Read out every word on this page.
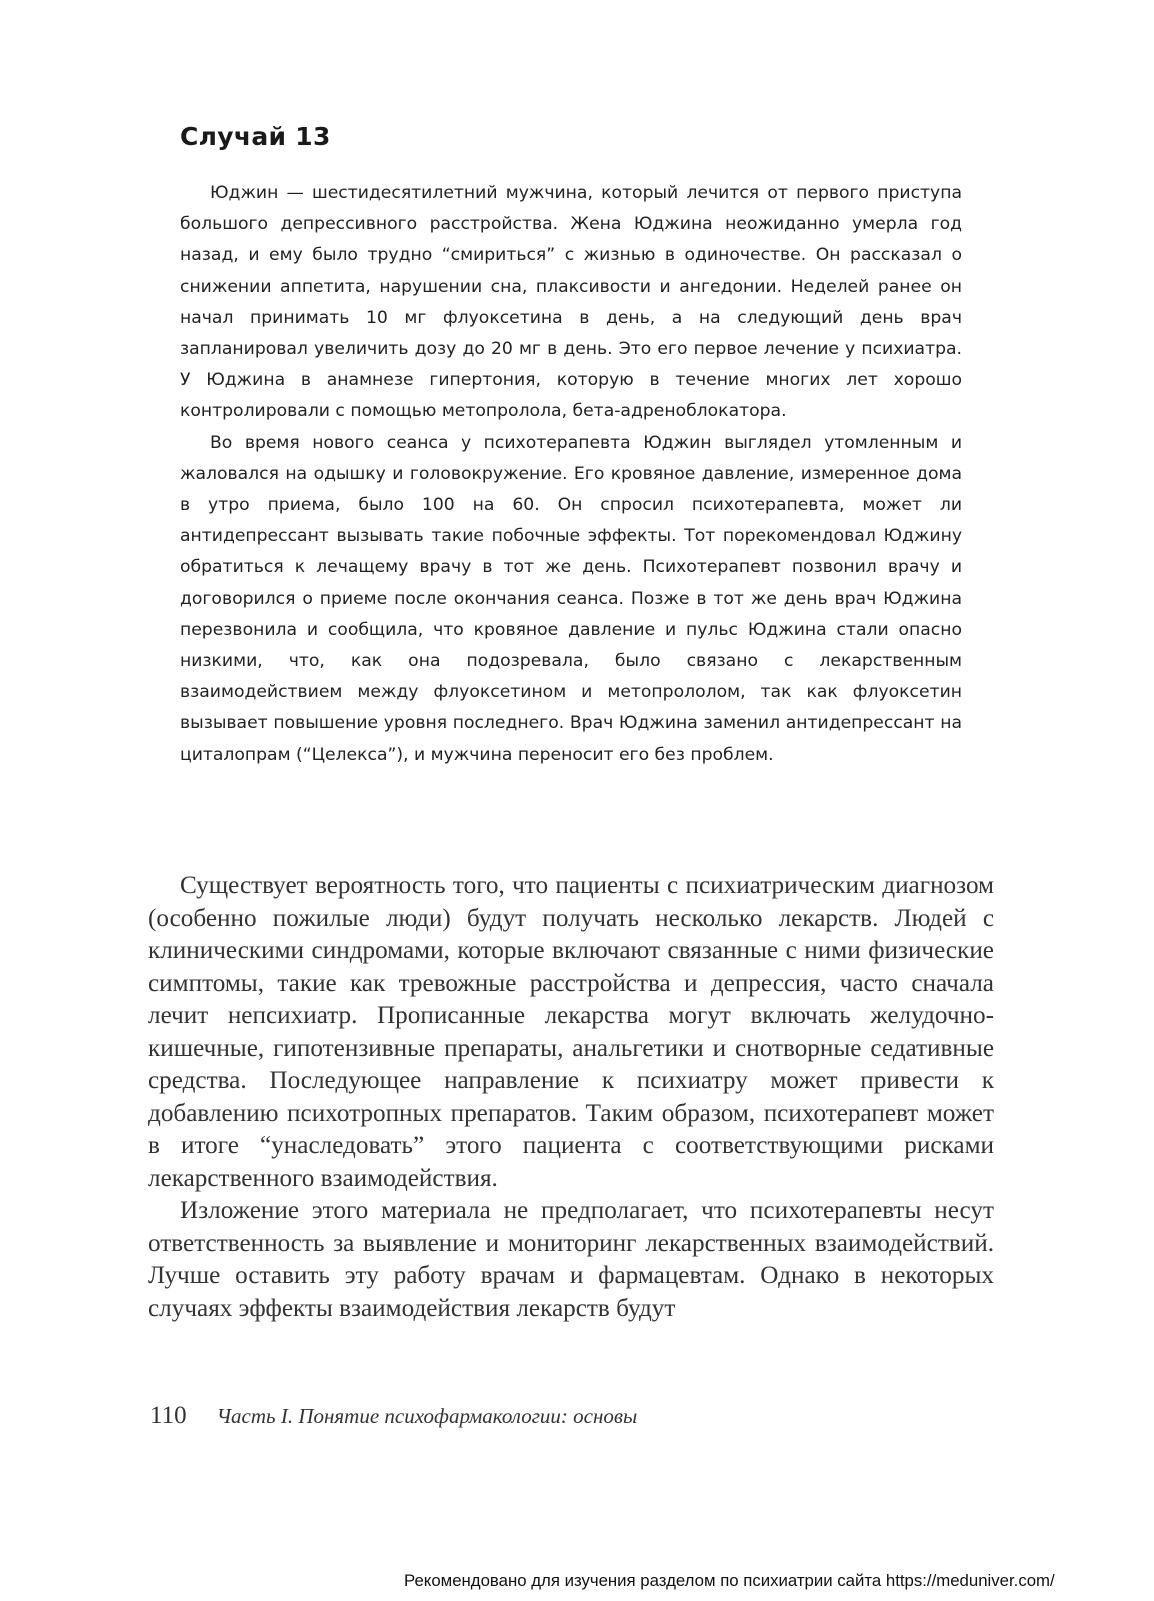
Случай 13

Юджин — шестидесятилетний мужчина, который лечится от первого приступа большого депрессивного расстройства. Жена Юджина неожиданно умерла год назад, и ему было трудно “смириться” с жизнью в одиночестве. Он рассказал о снижении аппетита, нарушении сна, плаксивости и ангедонии. Неделей ранее он начал принимать 10 мг флуоксетина в день, а на следующий день врач запланировал увеличить дозу до 20 мг в день. Это его первое лечение у психиатра. У Юджина в анамнезе гипертония, которую в течение многих лет хорошо контролировали с помощью метопролола, бета-адреноблокатора.

Во время нового сеанса у психотерапевта Юджин выглядел утомленным и жаловался на одышку и головокружение. Его кровяное давление, измеренное дома в утро приема, было 100 на 60. Он спросил психотерапевта, может ли антидепрессант вызывать такие побочные эффекты. Тот порекомендовал Юджину обратиться к лечащему врачу в тот же день. Психотерапевт позвонил врачу и договорился о приеме после окончания сеанса. Позже в тот же день врач Юджина перезвонила и сообщила, что кровяное давление и пульс Юджина стали опасно низкими, что, как она подозревала, было связано с лекарственным взаимодействием между флуоксетином и метопрололом, так как флуоксетин вызывает повышение уровня последнего. Врач Юджина заменил антидепрессант на циталопрам (“Целекса”), и мужчина переносит его без проблем.

Существует вероятность того, что пациенты с психиатрическим диагнозом (особенно пожилые люди) будут получать несколько лекарств. Людей с клиническими синдромами, которые включают связанные с ними физические симптомы, такие как тревожные расстройства и депрессия, часто сначала лечит непсихиатр. Прописанные лекарства могут включать желудочно-кишечные, гипотензивные препараты, анальгетики и снотворные седативные средства. Последующее направление к психиатру может привести к добавлению психотропных препаратов. Таким образом, психотерапевт может в итоге “унаследовать” этого пациента с соответствующими рисками лекарственного взаимодействия.

Изложение этого материала не предполагает, что психотерапевты несут ответственность за выявление и мониторинг лекарственных взаимодействий. Лучше оставить эту работу врачам и фармацевтам. Однако в некоторых случаях эффекты взаимодействия лекарств будут

110 Часть I. Понятие психофармакологии: основы
Рекомендовано для изучения разделом по психиатрии сайта https://meduniver.com/
